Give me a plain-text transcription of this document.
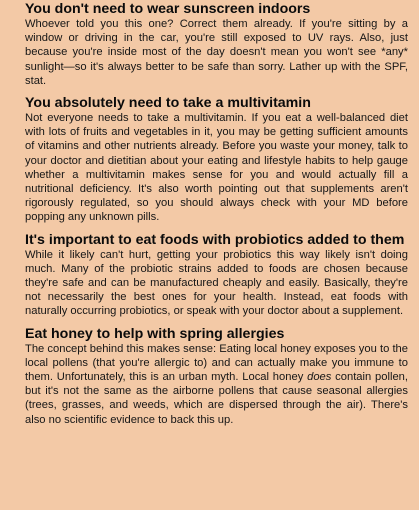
You don't need to wear sunscreen indoors

Whoever told you this one? Correct them already. If you're sitting by a window or driving in the car, you're still exposed to UV rays. Also, just because you're inside most of the day doesn't mean you won't see *any* sunlight—so it's always better to be safe than sorry. Lather up with the SPF, stat.

You absolutely need to take a multivitamin

Not everyone needs to take a multivitamin. If you eat a well-balanced diet with lots of fruits and vegetables in it, you may be getting sufficient amounts of vitamins and other nutrients already. Before you waste your money, talk to your doctor and dietitian about your eating and lifestyle habits to help gauge whether a multivitamin makes sense for you and would actually fill a nutritional deficiency. It's also worth pointing out that supplements aren't rigorously regulated, so you should always check with your MD before popping any unknown pills.

It's important to eat foods with probiotics added to them

While it likely can't hurt, getting your probiotics this way likely isn't doing much. Many of the probiotic strains added to foods are chosen because they're safe and can be manufactured cheaply and easily. Basically, they're not necessarily the best ones for your health. Instead, eat foods with naturally occurring probiotics, or speak with your doctor about a supplement.

Eat honey to help with spring allergies

The concept behind this makes sense: Eating local honey exposes you to the local pollens (that you're allergic to) and can actually make you immune to them. Unfortunately, this is an urban myth. Local honey does contain pollen, but it's not the same as the airborne pollens that cause seasonal allergies (trees, grasses, and weeds, which are dispersed through the air). There's also no scientific evidence to back this up.
